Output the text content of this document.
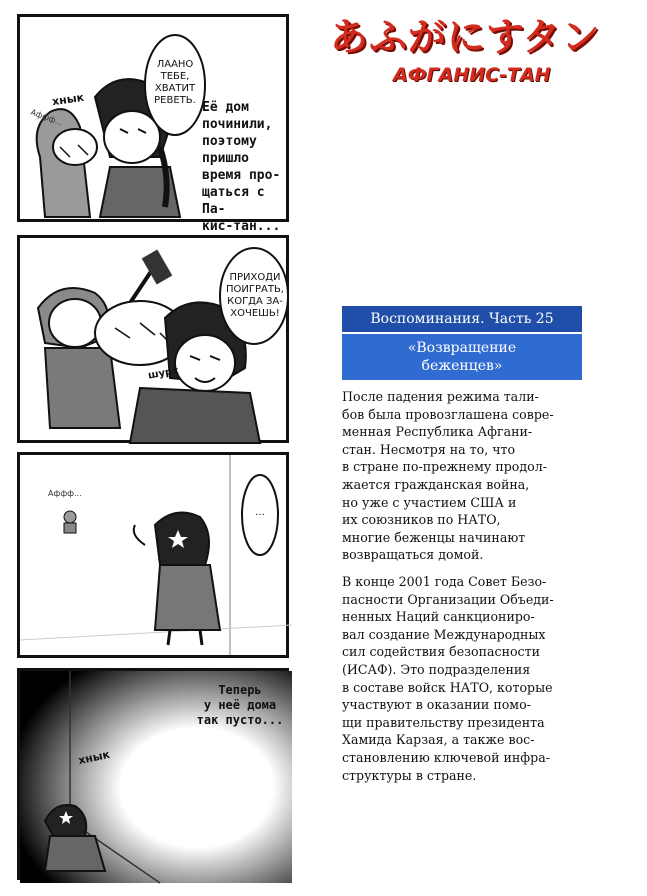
あふがにすタン
АФГАНИС-ТАН
ЛААНО
ТЕБЕ,
ХВАТИТ
РЕВЕТЬ. Её дом
починили,
поэтому
пришло
время про-
щаться с Па-
кис-тан...
хнык
Аффф...
ПРИХОДИ
ПОИГРАТЬ,
КОГДА ЗА-
ХОЧЕШЬ!
шурх
Аффф...
...
Теперь
у неё дома
так пусто...
хнык
Воспоминания. Часть 25
«Возвращение
беженцев»
После падения режима тали-
бов была провозглашена совре-
менная Республика Афгани-
стан. Несмотря на то, что
в стране по-прежнему продол-
жается гражданская война,
но уже с участием США и
их союзников по НАТО,
многие беженцы начинают
возвращаться домой.
В конце 2001 года Совет Безо-
пасности Организации Объеди-
ненных Наций санкциониро-
вал создание Международных
сил содействия безопасности
(ИСАФ). Это подразделения
в составе войск НАТО, которые
участвуют в оказании помо-
щи правительству президента
Хамида Карзая, а также вос-
становлению ключевой инфра-
структуры в стране.
